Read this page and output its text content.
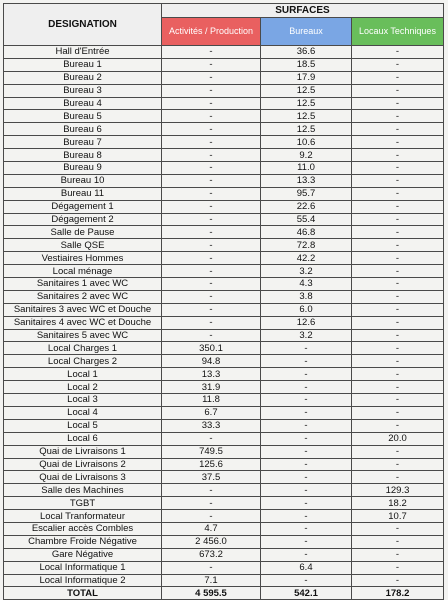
DESIGNATION	SURFACES		
	Activités / Production	Bureaux	Locaux Techniques
Hall d'Entrée	-	36.6	-
Bureau 1	-	18.5	-
Bureau 2	-	17.9	-
Bureau 3	-	12.5	-
Bureau 4	-	12.5	-
Bureau 5	-	12.5	-
Bureau 6	-	12.5	-
Bureau 7	-	10.6	-
Bureau 8	-	9.2	-
Bureau 9	-	11.0	-
Bureau 10	-	13.3	-
Bureau 11	-	95.7	-
Dégagement 1	-	22.6	-
Dégagement 2	-	55.4	-
Salle de Pause	-	46.8	-
Salle QSE	-	72.8	-
Vestiaires Hommes	-	42.2	-
Local ménage	-	3.2	-
Sanitaires 1 avec WC	-	4.3	-
Sanitaires 2 avec WC	-	3.8	-
Sanitaires 3 avec WC et Douche	-	6.0	-
Sanitaires 4 avec WC et Douche	-	12.6	-
Sanitaires 5 avec WC	-	3.2	-
Local Charges 1	350.1	-	-
Local Charges 2	94.8	-	-
Local 1	13.3	-	-
Local 2	31.9	-	-
Local 3	11.8	-	-
Local 4	6.7	-	-
Local 5	33.3	-	-
Local 6	-	-	20.0
Quai de Livraisons 1	749.5	-	-
Quai de Livraisons 2	125.6	-	-
Quai de Livraisons 3	37.5	-	-
Salle des Machines	-	-	129.3
TGBT	-	-	18.2
Local Tranformateur	-	-	10.7
Escalier accès Combles	4.7	-	-
Chambre Froide Négative	2 456.0	-	-
Gare Négative	673.2	-	-
Local Informatique 1	-	6.4	-
Local Informatique 2	7.1	-	-
TOTAL	4 595.5	542.1	178.2
